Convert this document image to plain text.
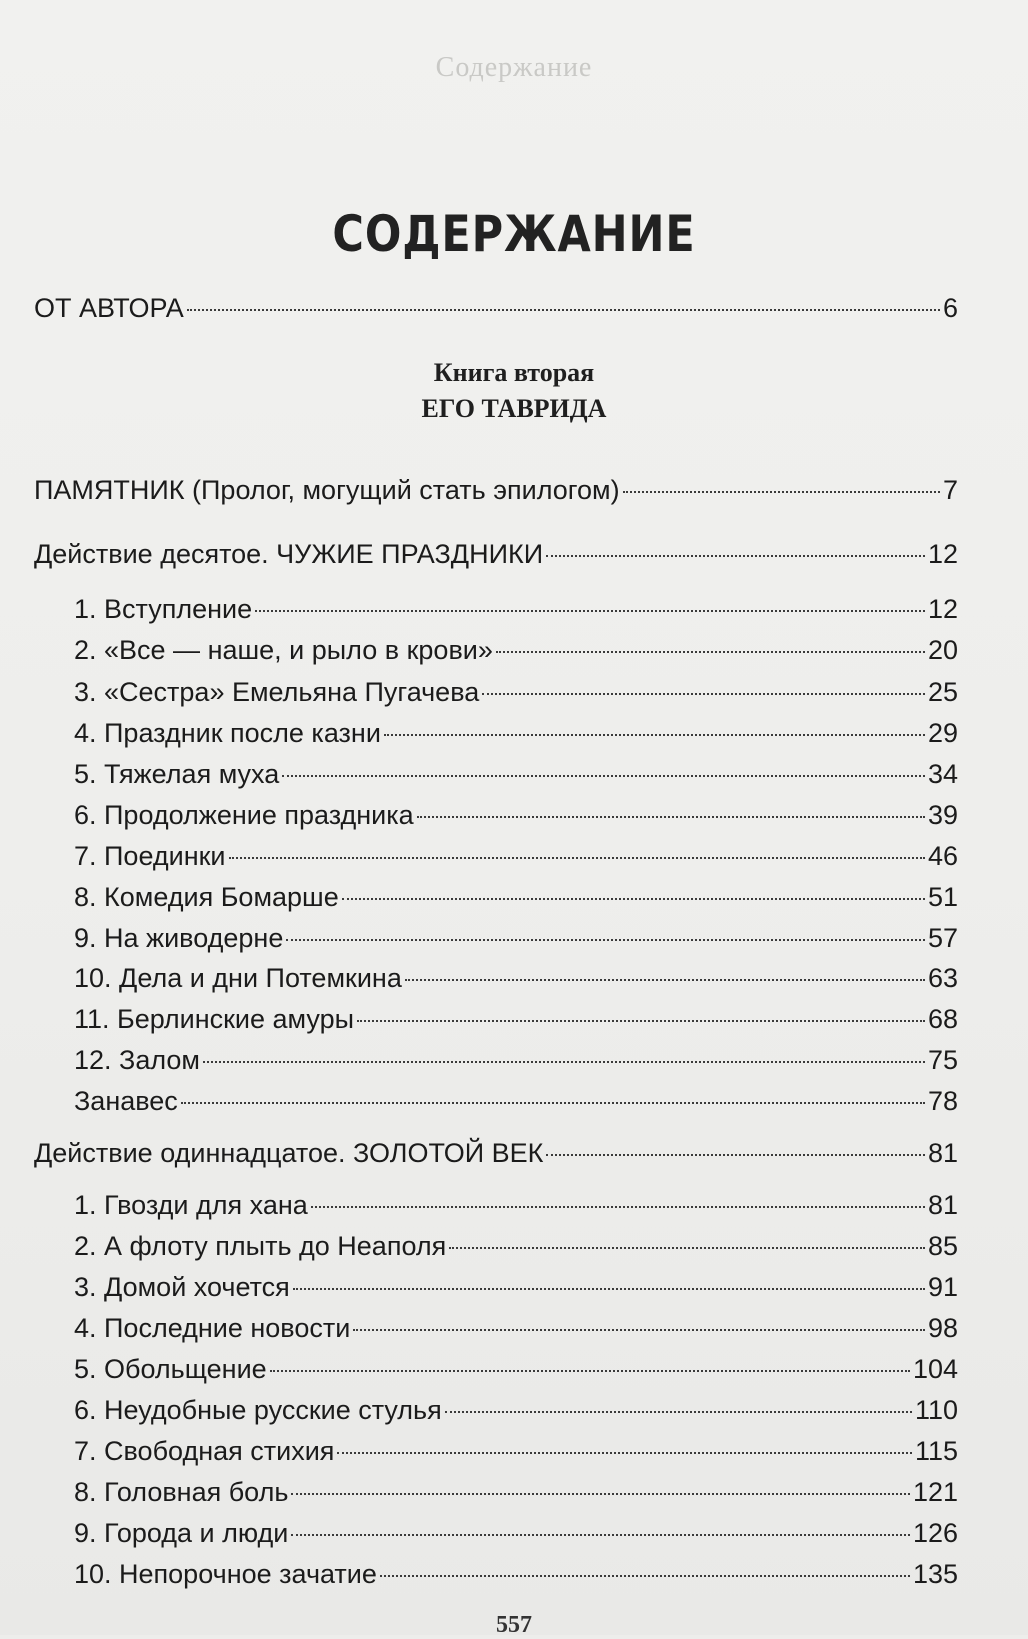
Содержание
СОДЕРЖАНИЕ
Книга вторая
ЕГО ТАВРИДА
ОТ АВТОРА	6
ПАМЯТНИК (Пролог, могущий стать эпилогом)	7
Действие десятое. ЧУЖИЕ ПРАЗДНИКИ	12
1. Вступление	12
2. «Все — наше, и рыло в крови»	20
3. «Сестра» Емельяна Пугачева	25
4. Праздник после казни	29
5. Тяжелая муха	34
6. Продолжение праздника	39
7. Поединки	46
8. Комедия Бомарше	51
9. На живодерне	57
10. Дела и дни Потемкина	63
11. Берлинские амуры	68
12. Залом	75
Занавес	78
Действие одиннадцатое. ЗОЛОТОЙ ВЕК	81
1. Гвозди для хана	81
2. А флоту плыть до Неаполя	85
3. Домой хочется	91
4. Последние новости	98
5. Обольщение	104
6. Неудобные русские стулья	110
7. Свободная стихия	115
8. Головная боль	121
9. Города и люди	126
10. Непорочное зачатие	135
557
